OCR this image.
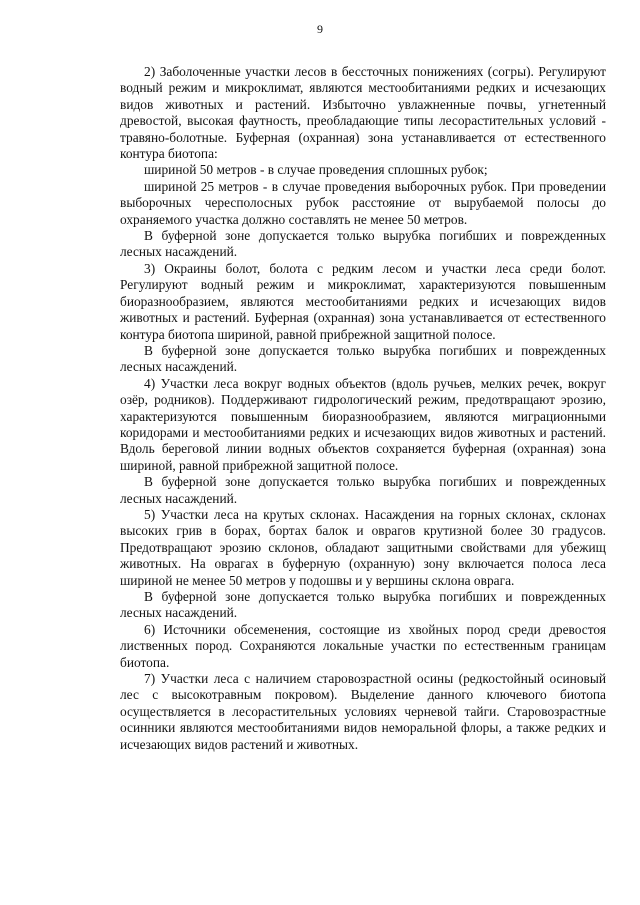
9

2) Заболоченные участки лесов в бессточных понижениях (согры). Регулируют водный режим и микроклимат, являются местообитаниями редких и исчезающих видов животных и растений. Избыточно увлажненные почвы, угнетенный древостой, высокая фаутность, преобладающие типы лесорастительных условий - травяно-болотные. Буферная (охранная) зона устанавливается от естественного контура биотопа:

шириной 50 метров - в случае проведения сплошных рубок;

шириной 25 метров - в случае проведения выборочных рубок. При проведении выборочных чересполосных рубок расстояние от вырубаемой полосы до охраняемого участка должно составлять не менее 50 метров.

В буферной зоне допускается только вырубка погибших и поврежденных лесных насаждений.

3) Окраины болот, болота с редким лесом и участки леса среди болот. Регулируют водный режим и микроклимат, характеризуются повышенным биоразнообразием, являются местообитаниями редких и исчезающих видов животных и растений. Буферная (охранная) зона устанавливается от естественного контура биотопа шириной, равной прибрежной защитной полосе.

В буферной зоне допускается только вырубка погибших и поврежденных лесных насаждений.

4) Участки леса вокруг водных объектов (вдоль ручьев, мелких речек, вокруг озёр, родников). Поддерживают гидрологический режим, предотвращают эрозию, характеризуются повышенным биоразнообразием, являются миграционными коридорами и местообитаниями редких и исчезающих видов животных и растений. Вдоль береговой линии водных объектов сохраняется буферная (охранная) зона шириной, равной прибрежной защитной полосе.

В буферной зоне допускается только вырубка погибших и поврежденных лесных насаждений.

5) Участки леса на крутых склонах. Насаждения на горных склонах, склонах высоких грив в борах, бортах балок и оврагов крутизной более 30 градусов. Предотвращают эрозию склонов, обладают защитными свойствами для убежищ животных. На оврагах в буферную (охранную) зону включается полоса леса шириной не менее 50 метров у подошвы и у вершины склона оврага.

В буферной зоне допускается только вырубка погибших и поврежденных лесных насаждений.

6) Источники обсеменения, состоящие из хвойных пород среди древостоя лиственных пород. Сохраняются локальные участки по естественным границам биотопа.

7) Участки леса с наличием старовозрастной осины (редкостойный осиновый лес с высокотравным покровом). Выделение данного ключевого биотопа осуществляется в лесорастительных условиях черневой тайги. Старовозрастные осинники являются местообитаниями видов неморальной флоры, а также редких и исчезающих видов растений и животных.
